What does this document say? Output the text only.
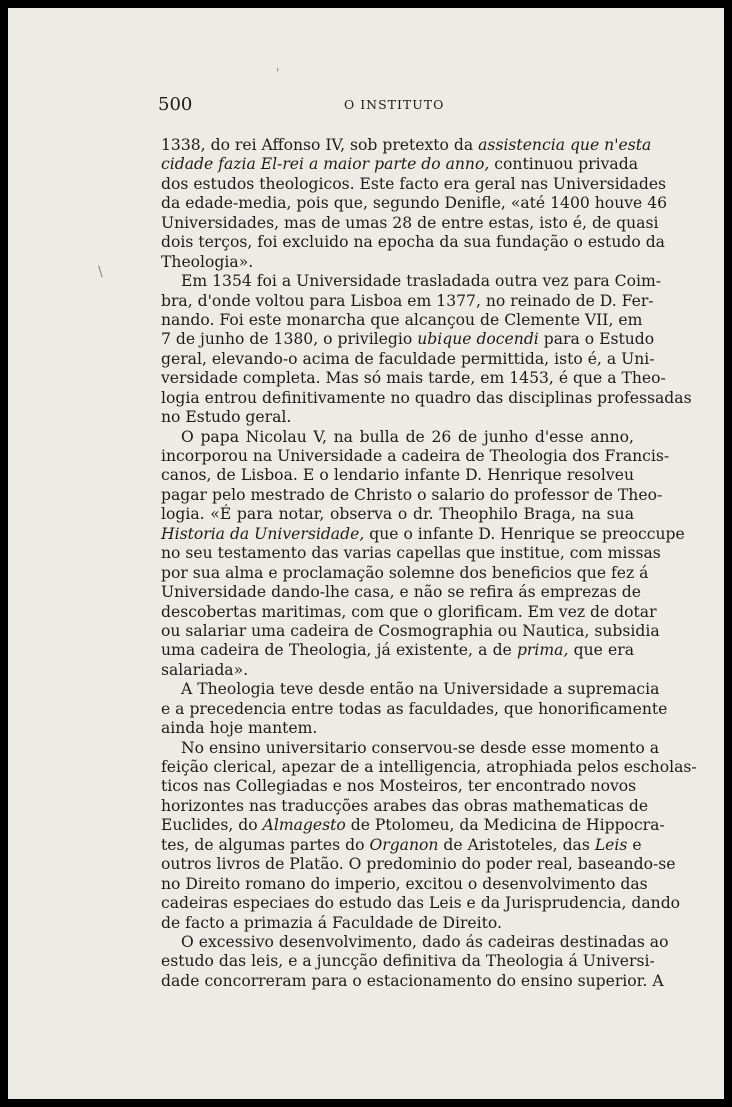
500	O INSTITUTO
1338, do rei Affonso IV, sob pretexto da assistencia que n'esta
cidade fazia El-rei a maior parte do anno, continuou privada
dos estudos theologicos. Este facto era geral nas Universidades
da edade-media, pois que, segundo Denifle, «até 1400 houve 46
Universidades, mas de umas 28 de entre estas, isto é, de quasi
dois terços, foi excluido na epocha da sua fundação o estudo da
Theologia».
Em 1354 foi a Universidade trasladada outra vez para Coim-
bra, d'onde voltou para Lisboa em 1377, no reinado de D. Fer-
nando. Foi este monarcha que alcançou de Clemente VII, em
7 de junho de 1380, o privilegio ubique docendi para o Estudo
geral, elevando-o acima de faculdade permittida, isto é, a Uni-
versidade completa. Mas só mais tarde, em 1453, é que a Theo-
logia entrou definitivamente no quadro das disciplinas professadas
no Estudo geral.
O papa Nicolau V, na bulla de 26 de junho d'esse anno,
incorporou na Universidade a cadeira de Theologia dos Francis-
canos, de Lisboa. E o lendario infante D. Henrique resolveu
pagar pelo mestrado de Christo o salario do professor de Theo-
logia. «É para notar, observa o dr. Theophilo Braga, na sua
Historia da Universidade, que o infante D. Henrique se preoccupe
no seu testamento das varias capellas que institue, com missas
por sua alma e proclamação solemne dos beneficios que fez á
Universidade dando-lhe casa, e não se refira ás emprezas de
descobertas maritimas, com que o glorificam. Em vez de dotar
ou salariar uma cadeira de Cosmographia ou Nautica, subsidia
uma cadeira de Theologia, já existente, a de prima, que era
salariada».
A Theologia teve desde então na Universidade a supremacia
e a precedencia entre todas as faculdades, que honorificamente
ainda hoje mantem.
No ensino universitario conservou-se desde esse momento a
feição clerical, apezar de a intelligencia, atrophiada pelos escholas-
ticos nas Collegiadas e nos Mosteiros, ter encontrado novos
horizontes nas traducções arabes das obras mathematicas de
Euclides, do Almagesto de Ptolomeu, da Medicina de Hippocra-
tes, de algumas partes do Organon de Aristoteles, das Leis e
outros livros de Platão. O predominio do poder real, baseando-se
no Direito romano do imperio, excitou o desenvolvimento das
cadeiras especiaes do estudo das Leis e da Jurisprudencia, dando
de facto a primazia á Faculdade de Direito.
O excessivo desenvolvimento, dado ás cadeiras destinadas ao
estudo das leis, e a juncção definitiva da Theologia á Universi-
dade concorreram para o estacionamento do ensino superior. A
\
'
